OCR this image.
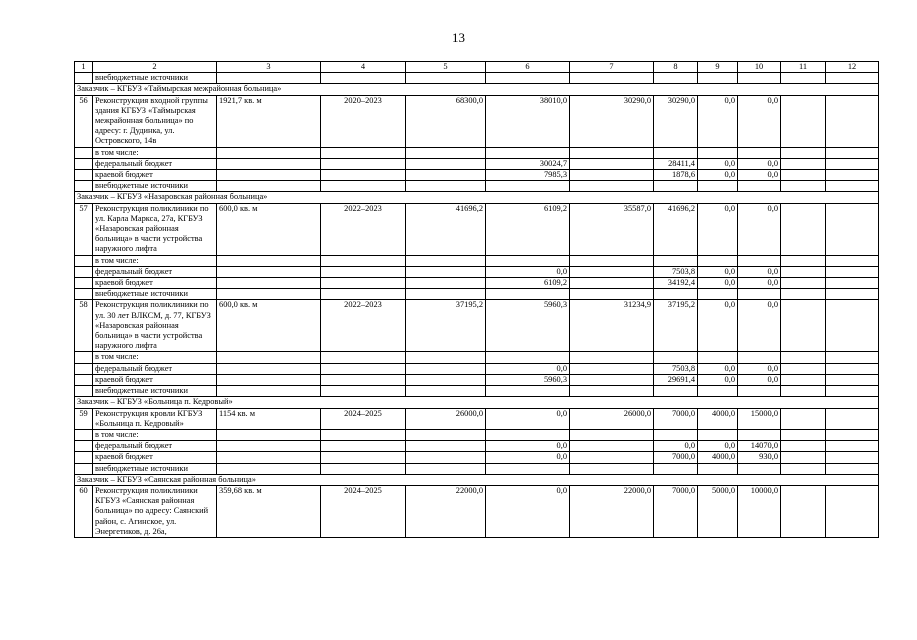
13
1	2	3	4	5	6	7	8	9	10	11	12
	внебюджетные источники										
Заказчик – КГБУЗ «Таймырская межрайонная больница»											
56	Реконструкция входной группы здания КГБУЗ «Таймырская межрайонная больница» по адресу: г. Дудинка, ул. Островского, 14в	1921,7 кв. м	2020–2023	68300,0	38010,0	30290,0	30290,0	0,0	0,0		
	в том числе:										
	федеральный бюджет				30024,7		28411,4	0,0	0,0		
	краевой бюджет				7985,3		1878,6	0,0	0,0		
	внебюджетные источники										
Заказчик – КГБУЗ «Назаровская районная больница»											
57	Реконструкция поликлиники по ул. Карла Маркса, 27а, КГБУЗ «Назаровская районная больница» в части устройства наружного лифта	600,0 кв. м	2022–2023	41696,2	6109,2	35587,0	41696,2	0,0	0,0		
	в том числе:										
	федеральный бюджет				0,0		7503,8	0,0	0,0		
	краевой бюджет				6109,2		34192,4	0,0	0,0		
	внебюджетные источники										
58	Реконструкция поликлиники по ул. 30 лет ВЛКСМ, д. 77, КГБУЗ «Назаровская районная больница» в части устройства наружного лифта	600,0 кв. м	2022–2023	37195,2	5960,3	31234,9	37195,2	0,0	0,0		
	в том числе:										
	федеральный бюджет				0,0		7503,8	0,0	0,0		
	краевой бюджет				5960,3		29691,4	0,0	0,0		
	внебюджетные источники										
Заказчик – КГБУЗ «Больница п. Кедровый»											
59	Реконструкция кровли КГБУЗ «Больница п. Кедровый»	1154 кв. м	2024–2025	26000,0	0,0	26000,0	7000,0	4000,0	15000,0		
	в том числе:										
	федеральный бюджет				0,0		0,0	0,0	14070,0		
	краевой бюджет				0,0		7000,0	4000,0	930,0		
	внебюджетные источники										
Заказчик – КГБУЗ «Саянская районная больница»											
60	Реконструкция поликлиники КГБУЗ «Саянская районная больница» по адресу: Саянский район, с. Агинское, ул. Энергетиков, д. 26а,	359,68 кв. м	2024–2025	22000,0	0,0	22000,0	7000,0	5000,0	10000,0		
